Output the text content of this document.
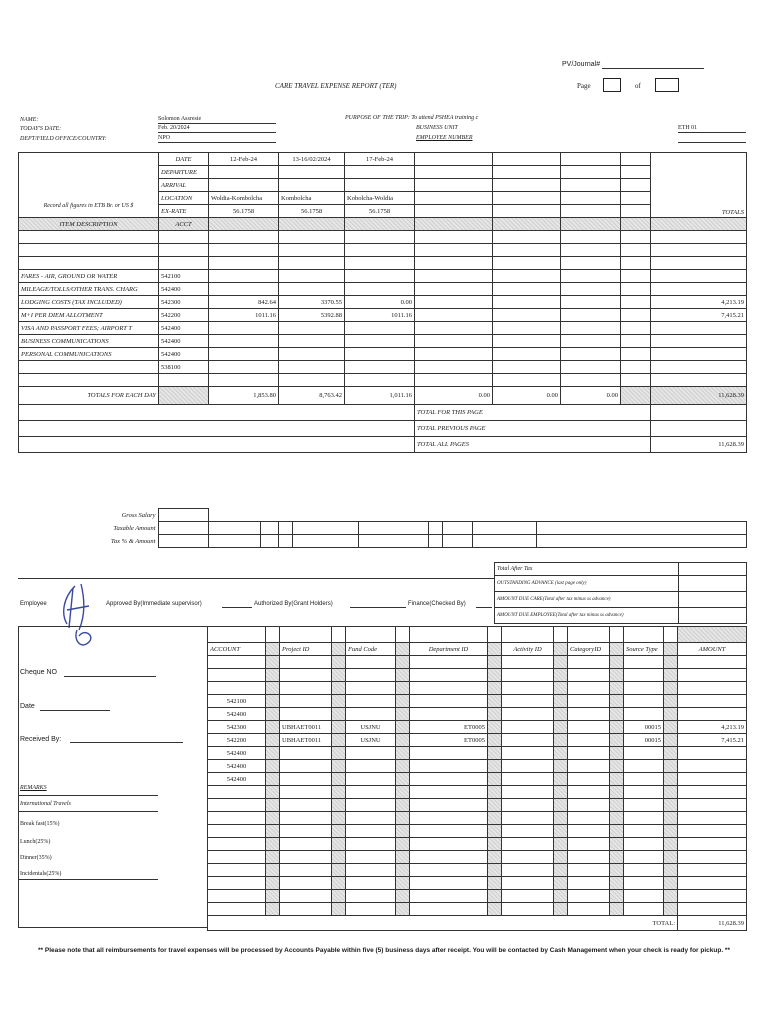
PV/Journal#
CARE TRAVEL EXPENSE REPORT (TER)	Page	of
NAME:
TODAY'S DATE:
DEPT/FIELD OFFICE/COUNTRY:
Solomon Assresie
Feb. 20/2024
NPO
PURPOSE OF THE TRIP: To attend PSHEA training c
BUSINESS UNIT
EMPLOYEE NUMBER
ETH 01
Record all figures in ETB Br. or US $	DATE	12-Feb-24	13-16/02/2024	17-Feb-24					TOTALS
	DEPARTURE								
	ARRIVAL								
	LOCATION	Woldia-Kombolcha	Kombolcha	Kobolcha-Woldia					
	EX-RATE	56.1758	56.1758	56.1758					
ITEM DESCRIPTION	ACCT								

FARES - AIR, GROUND OR WATER	542100								
MILEAGE/TOLLS/OTHER TRANS. CHARG	542400								
LODGING COSTS (TAX INCLUDED)	542300	842.64	3370.55	0.00					4,213.19
M+I PER DIEM ALLOTMENT	542200	1011.16	5392.88	1011.16					7,415.21
VISA AND PASSPORT FEES; AIRPORT T	542400								
BUSINESS COMMUNICATIONS	542400								
PERSONAL COMMUNICATIONS	542400								
	538100								

TOTALS FOR EACH DAY		1,853.80	8,763.42	1,011.16	0.00	0.00	0.00		11,628.39
					TOTAL FOR THIS PAGE				
					TOTAL PREVIOUS PAGE				
					TOTAL ALL PAGES				11,628.39
Gross Salary										
Taxable Amount										
Tax % & Amount										
Total After Tax	
OUTSTANDING ADVANCE (last page only)	
AMOUNT DUE CARE(Total after tax minus ss advance)	
AMOUNT DUE EMPLOYEE(Total after tax minus ss advance)	
Employee	Approved By(Immediate supervisor)	Authorized By(Grant Holders)	Finance(Checked By)

ACCOUNT		Project ID		Fund Code		Department ID		Activity ID		CategoryID		Source Type		AMOUNT

542100														
542400														
542300		UBHAET0011		USJNU		ET0005						00015		4,213.19
542200		UBHAET0011		USJNU		ET0005						00015		7,415.21
542400														
542400														
542400														

TOTAL:														11,628.39
Cheque NO
Date
Received By:
REMARKS
International Travels
Break fast(15%)
Lunch(25%)
Dinner(35%)
Incidentals(25%)
** Please note that all reimbursements for travel expenses will be processed by Accounts Payable within five (5) business days after receipt. You will be contacted by Cash Management when your check is ready for pickup. **
